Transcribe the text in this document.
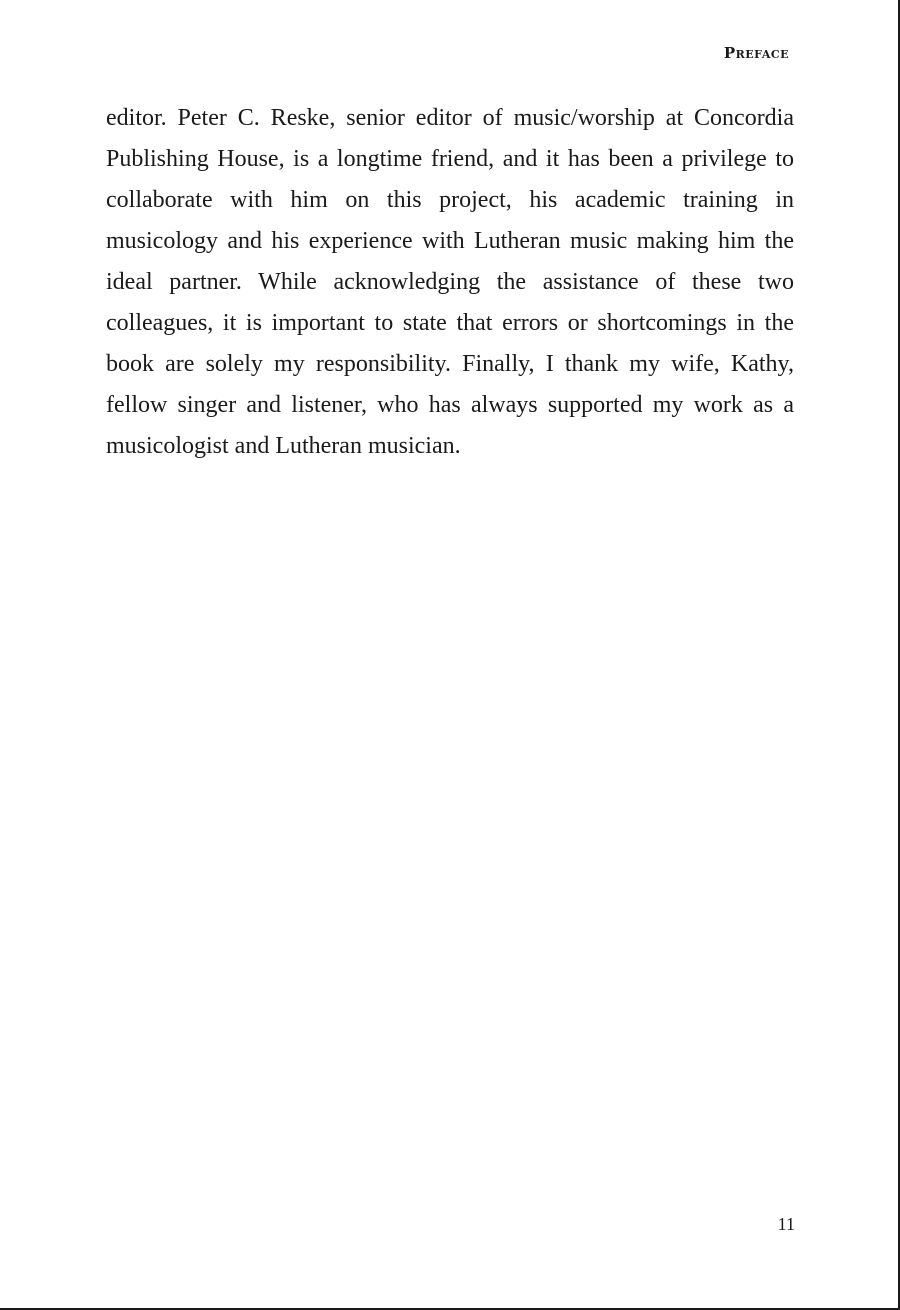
Preface

editor. Peter C. Reske, senior editor of music/worship at Concordia Publishing House, is a longtime friend, and it has been a privilege to collaborate with him on this project, his academic training in musicology and his experience with Lutheran music making him the ideal partner. While acknowledging the assistance of these two colleagues, it is important to state that errors or shortcomings in the book are solely my responsibility. Finally, I thank my wife, Kathy, fellow singer and listener, who has always supported my work as a musicologist and Lutheran musician.

11
